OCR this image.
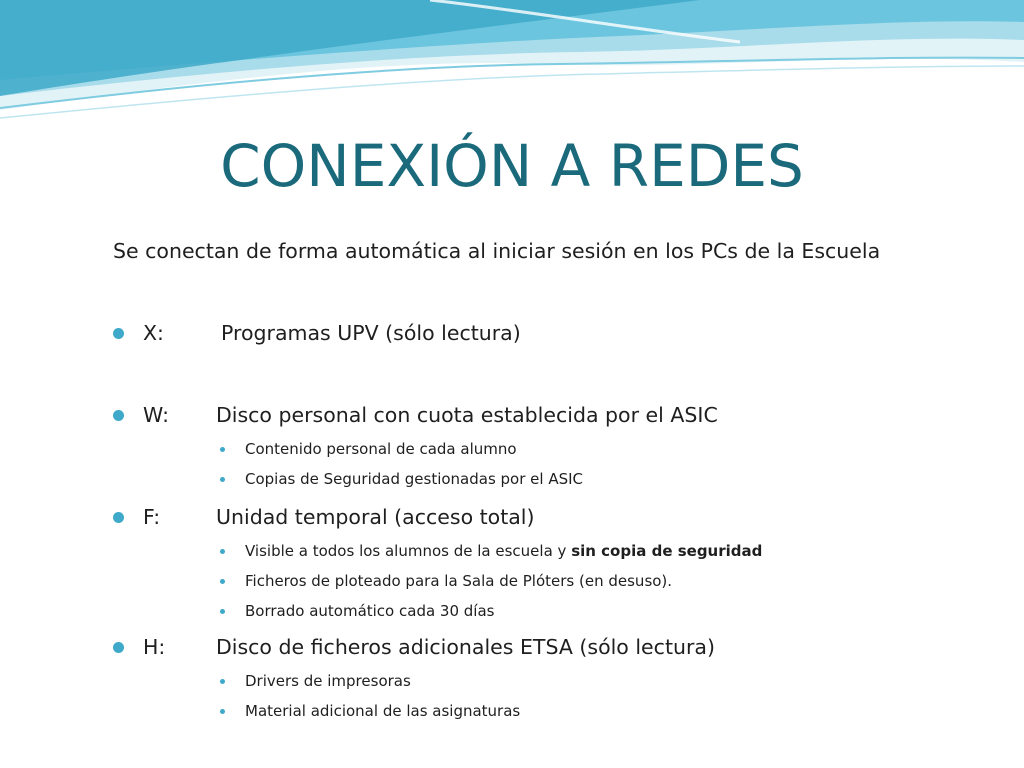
CONEXIÓN A REDES
Se conectan de forma automática al iniciar sesión en los PCs de la Escuela
X:	Programas UPV (sólo lectura)
W: Disco personal con cuota establecida por el ASIC
Contenido personal de cada alumno
Copias de Seguridad gestionadas por el ASIC
F:	Unidad temporal (acceso total)
Visible a todos los alumnos de la escuela y sin copia de seguridad
Ficheros de ploteado para la Sala de Plóters (en desuso).
Borrado automático cada 30 días
H: Disco de ficheros adicionales ETSA (sólo lectura)
Drivers de impresoras
Material adicional de las asignaturas
